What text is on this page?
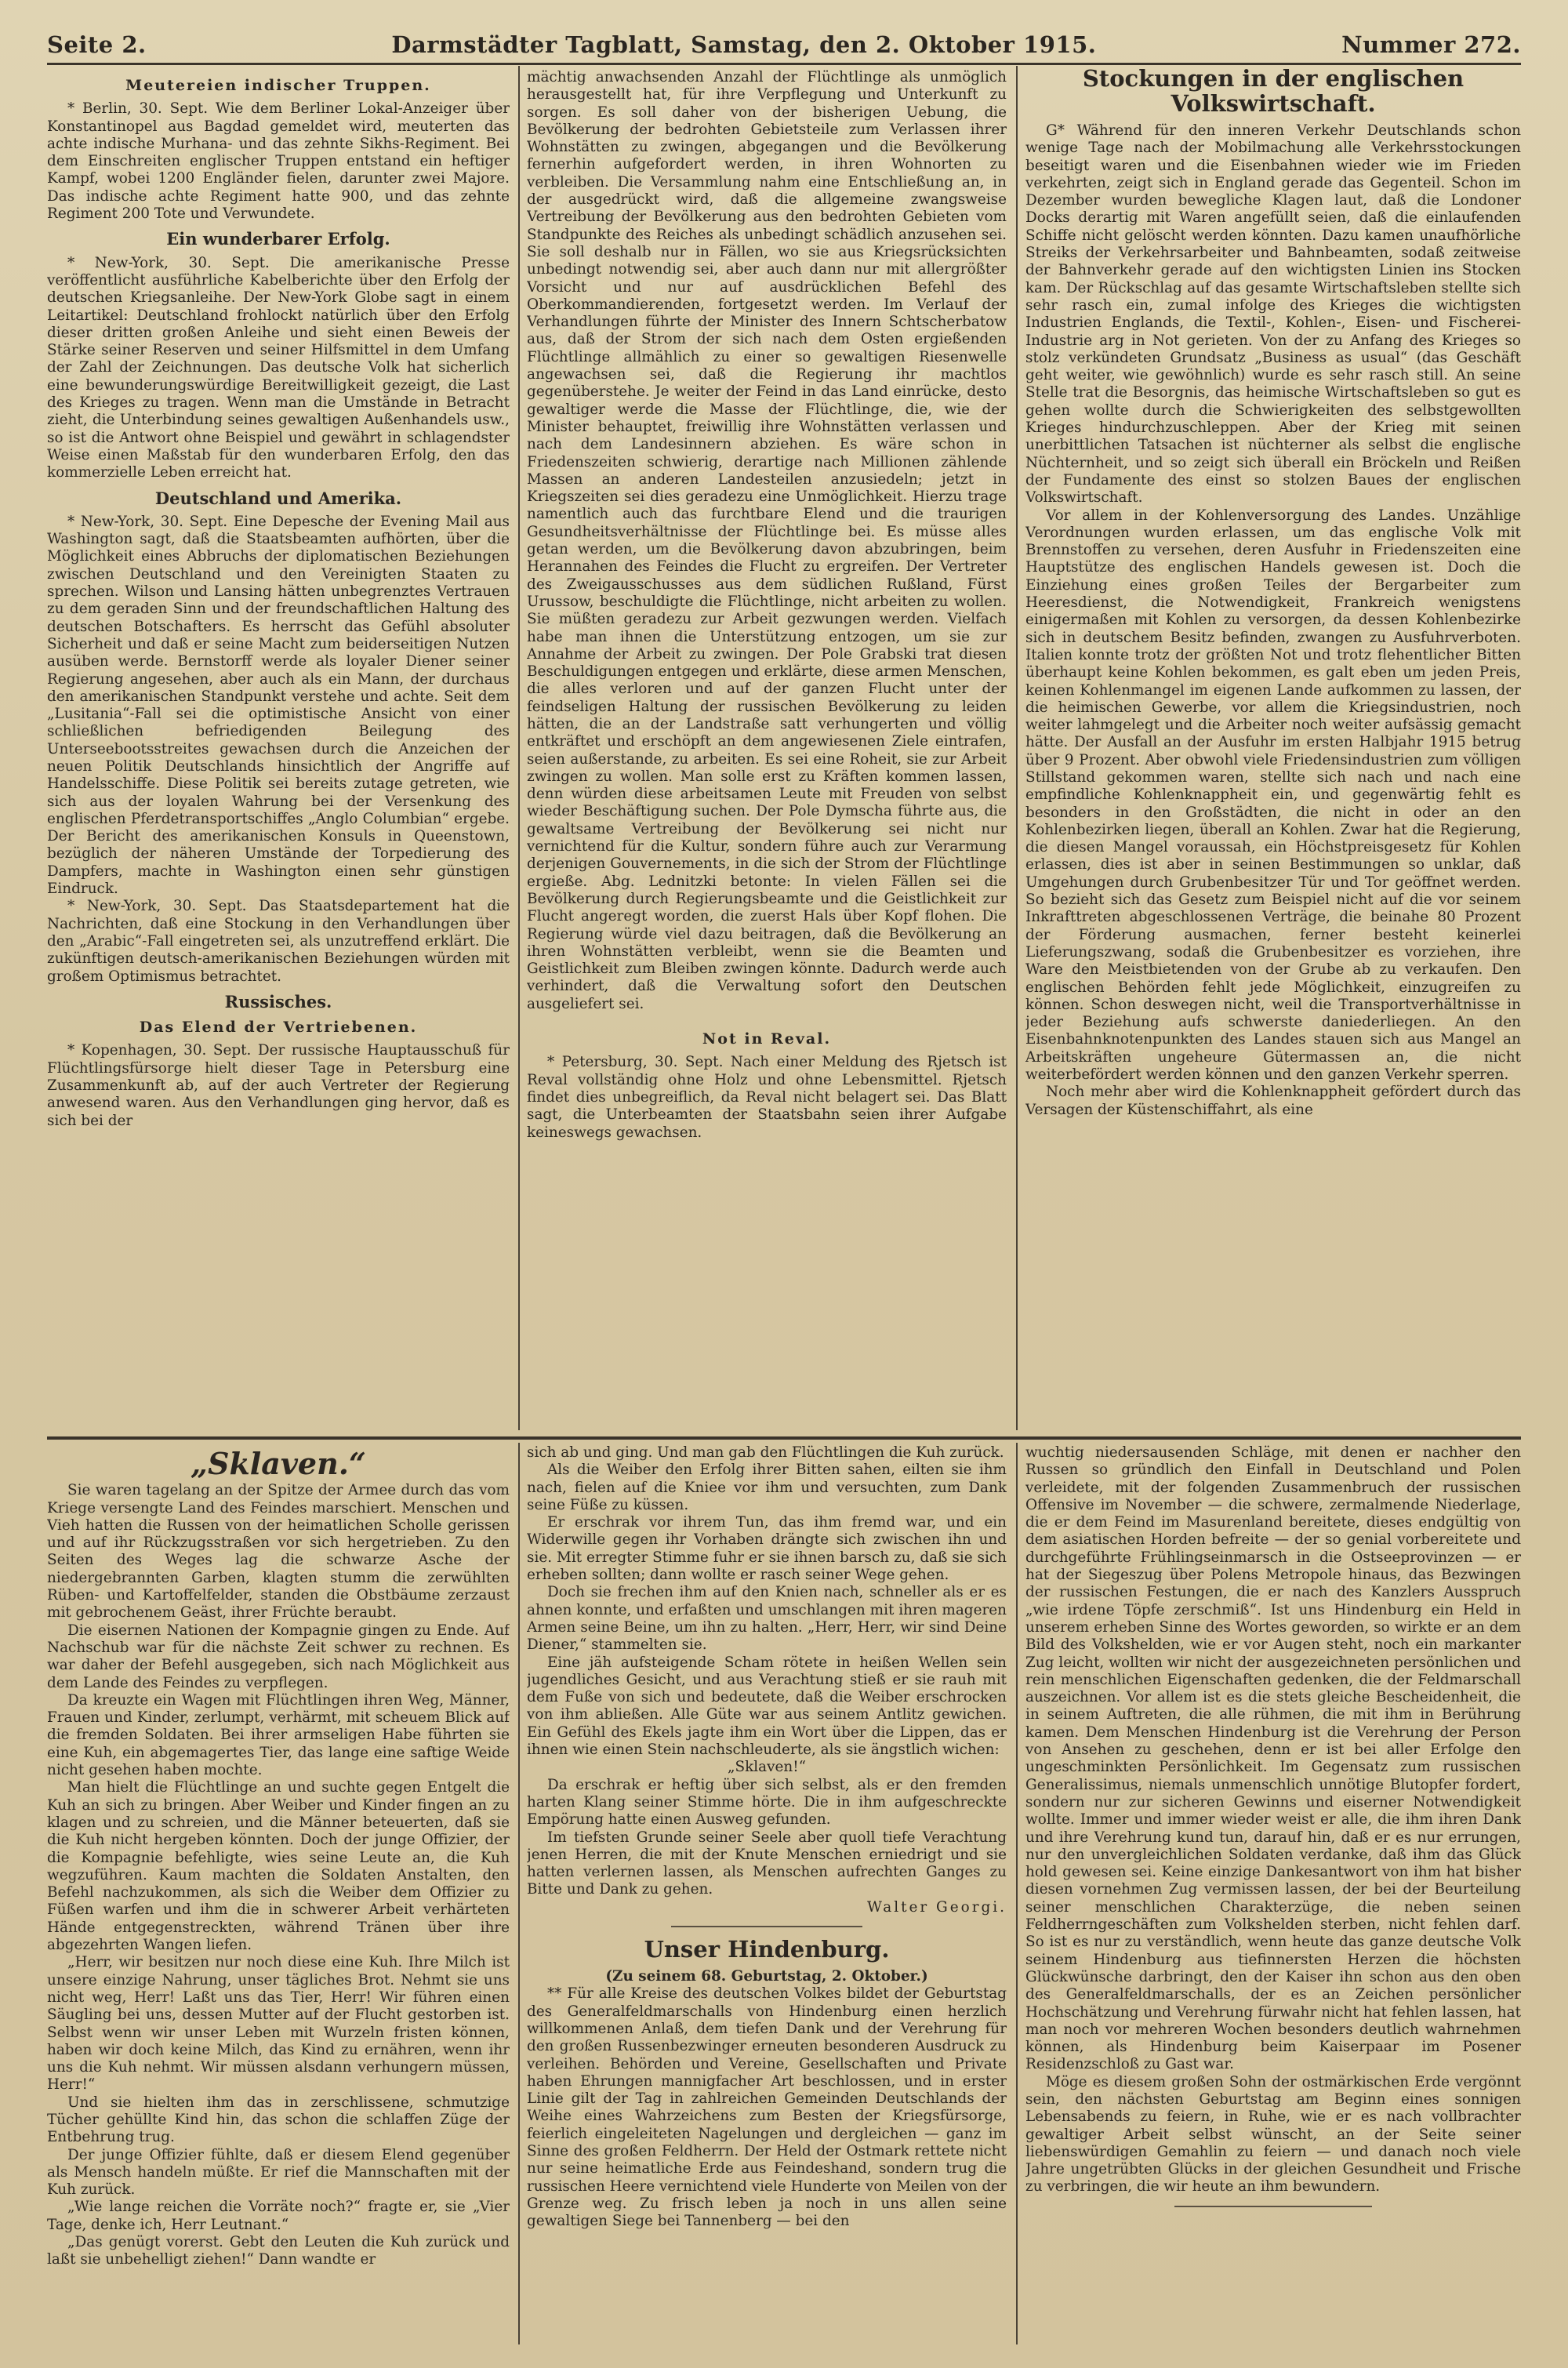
Seite 2.	Darmstädter Tagblatt, Samstag, den 2. Oktober 1915.	Nummer 272.
Meutereien indischer Truppen.

* Berlin, 30. Sept. Wie dem Berliner Lokal-Anzeiger über Konstantinopel aus Bagdad gemeldet wird, meuterten das achte indische Murhana- und das zehnte Sikhs-Regiment. Bei dem Einschreiten englischer Truppen entstand ein heftiger Kampf, wobei 1200 Engländer fielen, darunter zwei Majore. Das indische achte Regiment hatte 900, und das zehnte Regiment 200 Tote und Verwundete.

Ein wunderbarer Erfolg.

* New-York, 30. Sept. Die amerikanische Presse veröffentlicht ausführliche Kabelberichte über den Erfolg der deutschen Kriegsanleihe. Der New-York Globe sagt in einem Leitartikel: Deutschland frohlockt natürlich über den Erfolg dieser dritten großen Anleihe und sieht einen Beweis der Stärke seiner Reserven und seiner Hilfsmittel in dem Umfang der Zahl der Zeichnungen. Das deutsche Volk hat sicherlich eine bewunderungswürdige Bereitwilligkeit gezeigt, die Last des Krieges zu tragen. Wenn man die Umstände in Betracht zieht, die Unterbindung seines gewaltigen Außenhandels usw., so ist die Antwort ohne Beispiel und gewährt in schlagendster Weise einen Maßstab für den wunderbaren Erfolg, den das kommerzielle Leben erreicht hat.

Deutschland und Amerika.

* New-York, 30. Sept. Eine Depesche der Evening Mail aus Washington sagt, daß die Staatsbeamten aufhörten, über die Möglichkeit eines Abbruchs der diplomatischen Beziehungen zwischen Deutschland und den Vereinigten Staaten zu sprechen. Wilson und Lansing hätten unbegrenztes Vertrauen zu dem geraden Sinn und der freundschaftlichen Haltung des deutschen Botschafters. Es herrscht das Gefühl absoluter Sicherheit und daß er seine Macht zum beiderseitigen Nutzen ausüben werde. Bernstorff werde als loyaler Diener seiner Regierung angesehen, aber auch als ein Mann, der durchaus den amerikanischen Standpunkt verstehe und achte. Seit dem „Lusitania“-Fall sei die optimistische Ansicht von einer schließlichen befriedigenden Beilegung des Unterseebootsstreites gewachsen durch die Anzeichen der neuen Politik Deutschlands hinsichtlich der Angriffe auf Handelsschiffe. Diese Politik sei bereits zutage getreten, wie sich aus der loyalen Wahrung bei der Versenkung des englischen Pferdetransportschiffes „Anglo Columbian“ ergebe. Der Bericht des amerikanischen Konsuls in Queenstown, bezüglich der näheren Umstände der Torpedierung des Dampfers, machte in Washington einen sehr günstigen Eindruck.

* New-York, 30. Sept. Das Staatsdepartement hat die Nachrichten, daß eine Stockung in den Verhandlungen über den „Arabic“-Fall eingetreten sei, als unzutreffend erklärt. Die zukünftigen deutsch-amerikanischen Beziehungen würden mit großem Optimismus betrachtet.

Russisches.
Das Elend der Vertriebenen.

* Kopenhagen, 30. Sept. Der russische Hauptausschuß für Flüchtlingsfürsorge hielt dieser Tage in Petersburg eine Zusammenkunft ab, auf der auch Vertreter der Regierung anwesend waren. Aus den Verhandlungen ging hervor, daß es sich bei der

mächtig anwachsenden Anzahl der Flüchtlinge als unmöglich herausgestellt hat, für ihre Verpflegung und Unterkunft zu sorgen. Es soll daher von der bisherigen Uebung, die Bevölkerung der bedrohten Gebietsteile zum Verlassen ihrer Wohnstätten zu zwingen, abgegangen und die Bevölkerung fernerhin aufgefordert werden, in ihren Wohnorten zu verbleiben. Die Versammlung nahm eine Entschließung an, in der ausgedrückt wird, daß die allgemeine zwangsweise Vertreibung der Bevölkerung aus den bedrohten Gebieten vom Standpunkte des Reiches als unbedingt schädlich anzusehen sei. Sie soll deshalb nur in Fällen, wo sie aus Kriegsrücksichten unbedingt notwendig sei, aber auch dann nur mit allergrößter Vorsicht und nur auf ausdrücklichen Befehl des Oberkommandierenden, fortgesetzt werden. Im Verlauf der Verhandlungen führte der Minister des Innern Schtscherbatow aus, daß der Strom der sich nach dem Osten ergießenden Flüchtlinge allmählich zu einer so gewaltigen Riesenwelle angewachsen sei, daß die Regierung ihr machtlos gegenüberstehe. Je weiter der Feind in das Land einrücke, desto gewaltiger werde die Masse der Flüchtlinge, die, wie der Minister behauptet, freiwillig ihre Wohnstätten verlassen und nach dem Landesinnern abziehen. Es wäre schon in Friedenszeiten schwierig, derartige nach Millionen zählende Massen an anderen Landesteilen anzusiedeln; jetzt in Kriegszeiten sei dies geradezu eine Unmöglichkeit. Hierzu trage namentlich auch das furchtbare Elend und die traurigen Gesundheitsverhältnisse der Flüchtlinge bei. Es müsse alles getan werden, um die Bevölkerung davon abzubringen, beim Herannahen des Feindes die Flucht zu ergreifen. Der Vertreter des Zweigausschusses aus dem südlichen Rußland, Fürst Urussow, beschuldigte die Flüchtlinge, nicht arbeiten zu wollen. Sie müßten geradezu zur Arbeit gezwungen werden. Vielfach habe man ihnen die Unterstützung entzogen, um sie zur Annahme der Arbeit zu zwingen. Der Pole Grabski trat diesen Beschuldigungen entgegen und erklärte, diese armen Menschen, die alles verloren und auf der ganzen Flucht unter der feindseligen Haltung der russischen Bevölkerung zu leiden hätten, die an der Landstraße satt verhungerten und völlig entkräftet und erschöpft an dem angewiesenen Ziele eintrafen, seien außerstande, zu arbeiten. Es sei eine Roheit, sie zur Arbeit zwingen zu wollen. Man solle erst zu Kräften kommen lassen, denn würden diese arbeitsamen Leute mit Freuden von selbst wieder Beschäftigung suchen. Der Pole Dymscha führte aus, die gewaltsame Vertreibung der Bevölkerung sei nicht nur vernichtend für die Kultur, sondern führe auch zur Verarmung derjenigen Gouvernements, in die sich der Strom der Flüchtlinge ergieße. Abg. Lednitzki betonte: In vielen Fällen sei die Bevölkerung durch Regierungsbeamte und die Geistlichkeit zur Flucht angeregt worden, die zuerst Hals über Kopf flohen. Die Regierung würde viel dazu beitragen, daß die Bevölkerung an ihren Wohnstätten verbleibt, wenn sie die Beamten und Geistlichkeit zum Bleiben zwingen könnte. Dadurch werde auch verhindert, daß die Verwaltung sofort den Deutschen ausgeliefert sei.

Not in Reval.

* Petersburg, 30. Sept. Nach einer Meldung des Rjetsch ist Reval vollständig ohne Holz und ohne Lebensmittel. Rjetsch findet dies unbegreiflich, da Reval nicht belagert sei. Das Blatt sagt, die Unterbeamten der Staatsbahn seien ihrer Aufgabe keineswegs gewachsen.

Stockungen in der englischen Volkswirtschaft.

G* Während für den inneren Verkehr Deutschlands schon wenige Tage nach der Mobilmachung alle Verkehrsstockungen beseitigt waren und die Eisenbahnen wieder wie im Frieden verkehrten, zeigt sich in England gerade das Gegenteil. Schon im Dezember wurden bewegliche Klagen laut, daß die Londoner Docks derartig mit Waren angefüllt seien, daß die einlaufenden Schiffe nicht gelöscht werden könnten. Dazu kamen unaufhörliche Streiks der Verkehrsarbeiter und Bahnbeamten, sodaß zeitweise der Bahnverkehr gerade auf den wichtigsten Linien ins Stocken kam. Der Rückschlag auf das gesamte Wirtschaftsleben stellte sich sehr rasch ein, zumal infolge des Krieges die wichtigsten Industrien Englands, die Textil-, Kohlen-, Eisen- und Fischerei-Industrie arg in Not gerieten. Von der zu Anfang des Krieges so stolz verkündeten Grundsatz „Business as usual“ (das Geschäft geht weiter, wie gewöhnlich) wurde es sehr rasch still. An seine Stelle trat die Besorgnis, das heimische Wirtschaftsleben so gut es gehen wollte durch die Schwierigkeiten des selbstgewollten Krieges hindurchzuschleppen. Aber der Krieg mit seinen unerbittlichen Tatsachen ist nüchterner als selbst die englische Nüchternheit, und so zeigt sich überall ein Bröckeln und Reißen der Fundamente des einst so stolzen Baues der englischen Volkswirtschaft.

Vor allem in der Kohlenversorgung des Landes. Unzählige Verordnungen wurden erlassen, um das englische Volk mit Brennstoffen zu versehen, deren Ausfuhr in Friedenszeiten eine Hauptstütze des englischen Handels gewesen ist. Doch die Einziehung eines großen Teiles der Bergarbeiter zum Heeresdienst, die Notwendigkeit, Frankreich wenigstens einigermaßen mit Kohlen zu versorgen, da dessen Kohlenbezirke sich in deutschem Besitz befinden, zwangen zu Ausfuhrverboten. Italien konnte trotz der größten Not und trotz flehentlicher Bitten überhaupt keine Kohlen bekommen, es galt eben um jeden Preis, keinen Kohlenmangel im eigenen Lande aufkommen zu lassen, der die heimischen Gewerbe, vor allem die Kriegsindustrien, noch weiter lahmgelegt und die Arbeiter noch weiter aufsässig gemacht hätte. Der Ausfall an der Ausfuhr im ersten Halbjahr 1915 betrug über 9 Prozent. Aber obwohl viele Friedensindustrien zum völligen Stillstand gekommen waren, stellte sich nach und nach eine empfindliche Kohlenknappheit ein, und gegenwärtig fehlt es besonders in den Großstädten, die nicht in oder an den Kohlenbezirken liegen, überall an Kohlen. Zwar hat die Regierung, die diesen Mangel voraussah, ein Höchstpreisgesetz für Kohlen erlassen, dies ist aber in seinen Bestimmungen so unklar, daß Umgehungen durch Grubenbesitzer Tür und Tor geöffnet werden. So bezieht sich das Gesetz zum Beispiel nicht auf die vor seinem Inkrafttreten abgeschlossenen Verträge, die beinahe 80 Prozent der Förderung ausmachen, ferner besteht keinerlei Lieferungszwang, sodaß die Grubenbesitzer es vorziehen, ihre Ware den Meistbietenden von der Grube ab zu verkaufen. Den englischen Behörden fehlt jede Möglichkeit, einzugreifen zu können. Schon deswegen nicht, weil die Transportverhältnisse in jeder Beziehung aufs schwerste daniederliegen. An den Eisenbahnknotenpunkten des Landes stauen sich aus Mangel an Arbeitskräften ungeheure Gütermassen an, die nicht weiterbefördert werden können und den ganzen Verkehr sperren.

Noch mehr aber wird die Kohlenknappheit gefördert durch das Versagen der Küstenschiffahrt, als eine

„Sklaven.“

Sie waren tagelang an der Spitze der Armee durch das vom Kriege versengte Land des Feindes marschiert. Menschen und Vieh hatten die Russen von der heimatlichen Scholle gerissen und auf ihr Rückzugsstraßen vor sich hergetrieben. Zu den Seiten des Weges lag die schwarze Asche der niedergebrannten Garben, klagten stumm die zerwühlten Rüben- und Kartoffelfelder, standen die Obstbäume zerzaust mit gebrochenem Geäst, ihrer Früchte beraubt.

Die eisernen Nationen der Kompagnie gingen zu Ende. Auf Nachschub war für die nächste Zeit schwer zu rechnen. Es war daher der Befehl ausgegeben, sich nach Möglichkeit aus dem Lande des Feindes zu verpflegen.

Da kreuzte ein Wagen mit Flüchtlingen ihren Weg, Männer, Frauen und Kinder, zerlumpt, verhärmt, mit scheuem Blick auf die fremden Soldaten. Bei ihrer armseligen Habe führten sie eine Kuh, ein abgemagertes Tier, das lange eine saftige Weide nicht gesehen haben mochte.

Man hielt die Flüchtlinge an und suchte gegen Entgelt die Kuh an sich zu bringen. Aber Weiber und Kinder fingen an zu klagen und zu schreien, und die Männer beteuerten, daß sie die Kuh nicht hergeben könnten. Doch der junge Offizier, der die Kompagnie befehligte, wies seine Leute an, die Kuh wegzuführen. Kaum machten die Soldaten Anstalten, den Befehl nachzukommen, als sich die Weiber dem Offizier zu Füßen warfen und ihm die in schwerer Arbeit verhärteten Hände entgegenstreckten, während Tränen über ihre abgezehrten Wangen liefen.

„Herr, wir besitzen nur noch diese eine Kuh. Ihre Milch ist unsere einzige Nahrung, unser tägliches Brot. Nehmt sie uns nicht weg, Herr! Laßt uns das Tier, Herr! Wir führen einen Säugling bei uns, dessen Mutter auf der Flucht gestorben ist. Selbst wenn wir unser Leben mit Wurzeln fristen können, haben wir doch keine Milch, das Kind zu ernähren, wenn ihr uns die Kuh nehmt. Wir müssen alsdann verhungern müssen, Herr!“

Und sie hielten ihm das in zerschlissene, schmutzige Tücher gehüllte Kind hin, das schon die schlaffen Züge der Entbehrung trug.

Der junge Offizier fühlte, daß er diesem Elend gegenüber als Mensch handeln müßte. Er rief die Mannschaften mit der Kuh zurück.

„Wie lange reichen die Vorräte noch?“ fragte er, sie „Vier Tage, denke ich, Herr Leutnant.“

„Das genügt vorerst. Gebt den Leuten die Kuh zurück und laßt sie unbehelligt ziehen!“ Dann wandte er

sich ab und ging. Und man gab den Flüchtlingen die Kuh zurück.

Als die Weiber den Erfolg ihrer Bitten sahen, eilten sie ihm nach, fielen auf die Kniee vor ihm und versuchten, zum Dank seine Füße zu küssen.

Er erschrak vor ihrem Tun, das ihm fremd war, und ein Widerwille gegen ihr Vorhaben drängte sich zwischen ihn und sie. Mit erregter Stimme fuhr er sie ihnen barsch zu, daß sie sich erheben sollten; dann wollte er rasch seiner Wege gehen.

Doch sie frechen ihm auf den Knien nach, schneller als er es ahnen konnte, und erfaßten und umschlangen mit ihren mageren Armen seine Beine, um ihn zu halten. „Herr, Herr, wir sind Deine Diener,“ stammelten sie.

Eine jäh aufsteigende Scham rötete in heißen Wellen sein jugendliches Gesicht, und aus Verachtung stieß er sie rauh mit dem Fuße von sich und bedeutete, daß die Weiber erschrocken von ihm abließen. Alle Güte war aus seinem Antlitz gewichen. Ein Gefühl des Ekels jagte ihm ein Wort über die Lippen, das er ihnen wie einen Stein nachschleuderte, als sie ängstlich wichen:

„Sklaven!“

Da erschrak er heftig über sich selbst, als er den fremden harten Klang seiner Stimme hörte. Die in ihm aufgeschreckte Empörung hatte einen Ausweg gefunden.

Im tiefsten Grunde seiner Seele aber quoll tiefe Verachtung jenen Herren, die mit der Knute Menschen erniedrigt und sie hatten verlernen lassen, als Menschen aufrechten Ganges zu Bitte und Dank zu gehen.

Walter Georgi.

Unser Hindenburg.

(Zu seinem 68. Geburtstag, 2. Oktober.)

** Für alle Kreise des deutschen Volkes bildet der Geburtstag des Generalfeldmarschalls von Hindenburg einen herzlich willkommenen Anlaß, dem tiefen Dank und der Verehrung für den großen Russenbezwinger erneuten besonderen Ausdruck zu verleihen. Behörden und Vereine, Gesellschaften und Private haben Ehrungen mannigfacher Art beschlossen, und in erster Linie gilt der Tag in zahlreichen Gemeinden Deutschlands der Weihe eines Wahrzeichens zum Besten der Kriegsfürsorge, feierlich eingeleiteten Nagelungen und dergleichen — ganz im Sinne des großen Feldherrn. Der Held der Ostmark rettete nicht nur seine heimatliche Erde aus Feindeshand, sondern trug die russischen Heere vernichtend viele Hunderte von Meilen von der Grenze weg. Zu frisch leben ja noch in uns allen seine gewaltigen Siege bei Tannenberg — bei den

wuchtig niedersausenden Schläge, mit denen er nachher den Russen so gründlich den Einfall in Deutschland und Polen verleidete, mit der folgenden Zusammenbruch der russischen Offensive im November — die schwere, zermalmende Niederlage, die er dem Feind im Masurenland bereitete, dieses endgültig von dem asiatischen Horden befreite — der so genial vorbereitete und durchgeführte Frühlingseinmarsch in die Ostseeprovinzen — er hat der Siegeszug über Polens Metropole hinaus, das Bezwingen der russischen Festungen, die er nach des Kanzlers Ausspruch „wie irdene Töpfe zerschmiß“. Ist uns Hindenburg ein Held in unserem erheben Sinne des Wortes geworden, so wirkte er an dem Bild des Volkshelden, wie er vor Augen steht, noch ein markanter Zug leicht, wollten wir nicht der ausgezeichneten persönlichen und rein menschlichen Eigenschaften gedenken, die der Feldmarschall auszeichnen. Vor allem ist es die stets gleiche Bescheidenheit, die in seinem Auftreten, die alle rühmen, die mit ihm in Berührung kamen. Dem Menschen Hindenburg ist die Verehrung der Person von Ansehen zu geschehen, denn er ist bei aller Erfolge den ungeschminkten Persönlichkeit. Im Gegensatz zum russischen Generalissimus, niemals unmenschlich unnötige Blutopfer fordert, sondern nur zur sicheren Gewinns und eiserner Notwendigkeit wollte. Immer und immer wieder weist er alle, die ihm ihren Dank und ihre Verehrung kund tun, darauf hin, daß er es nur errungen, nur den unvergleichlichen Soldaten verdanke, daß ihm das Glück hold gewesen sei. Keine einzige Dankesantwort von ihm hat bisher diesen vornehmen Zug vermissen lassen, der bei der Beurteilung seiner menschlichen Charakterzüge, die neben seinen Feldherrngeschäften zum Volkshelden sterben, nicht fehlen darf. So ist es nur zu verständlich, wenn heute das ganze deutsche Volk seinem Hindenburg aus tiefinnersten Herzen die höchsten Glückwünsche darbringt, den der Kaiser ihn schon aus den oben des Generalfeldmarschalls, der es an Zeichen persönlicher Hochschätzung und Verehrung fürwahr nicht hat fehlen lassen, hat man noch vor mehreren Wochen besonders deutlich wahrnehmen können, als Hindenburg beim Kaiserpaar im Posener Residenzschloß zu Gast war.

Möge es diesem großen Sohn der ostmärkischen Erde vergönnt sein, den nächsten Geburtstag am Beginn eines sonnigen Lebensabends zu feiern, in Ruhe, wie er es nach vollbrachter gewaltiger Arbeit selbst wünscht, an der Seite seiner liebenswürdigen Gemahlin zu feiern — und danach noch viele Jahre ungetrübten Glücks in der gleichen Gesundheit und Frische zu verbringen, die wir heute an ihm bewundern.
